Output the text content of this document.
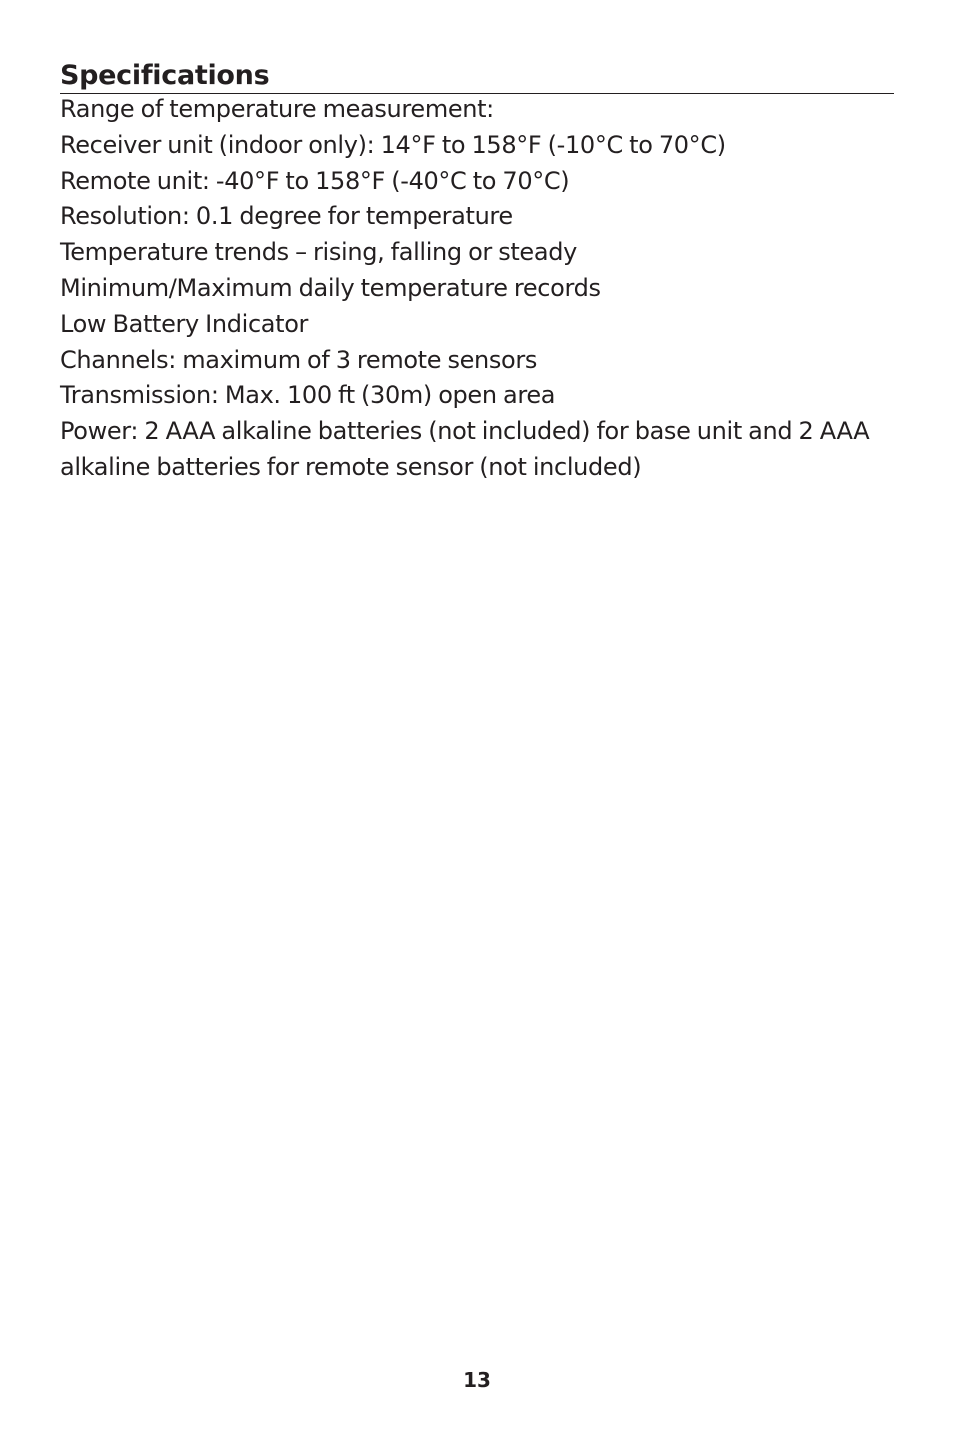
Specifications
Range of temperature measurement:
Receiver unit (indoor only): 14°F to 158°F (-10°C to 70°C)
Remote unit: -40°F to 158°F (-40°C to 70°C)
Resolution: 0.1 degree for temperature
Temperature trends – rising, falling or steady
Minimum/Maximum daily temperature records
Low Battery Indicator
Channels: maximum of 3 remote sensors
Transmission: Max. 100 ft (30m) open area
Power: 2 AAA alkaline batteries (not included) for base unit and 2 AAA alkaline batteries for remote sensor (not included)
13
